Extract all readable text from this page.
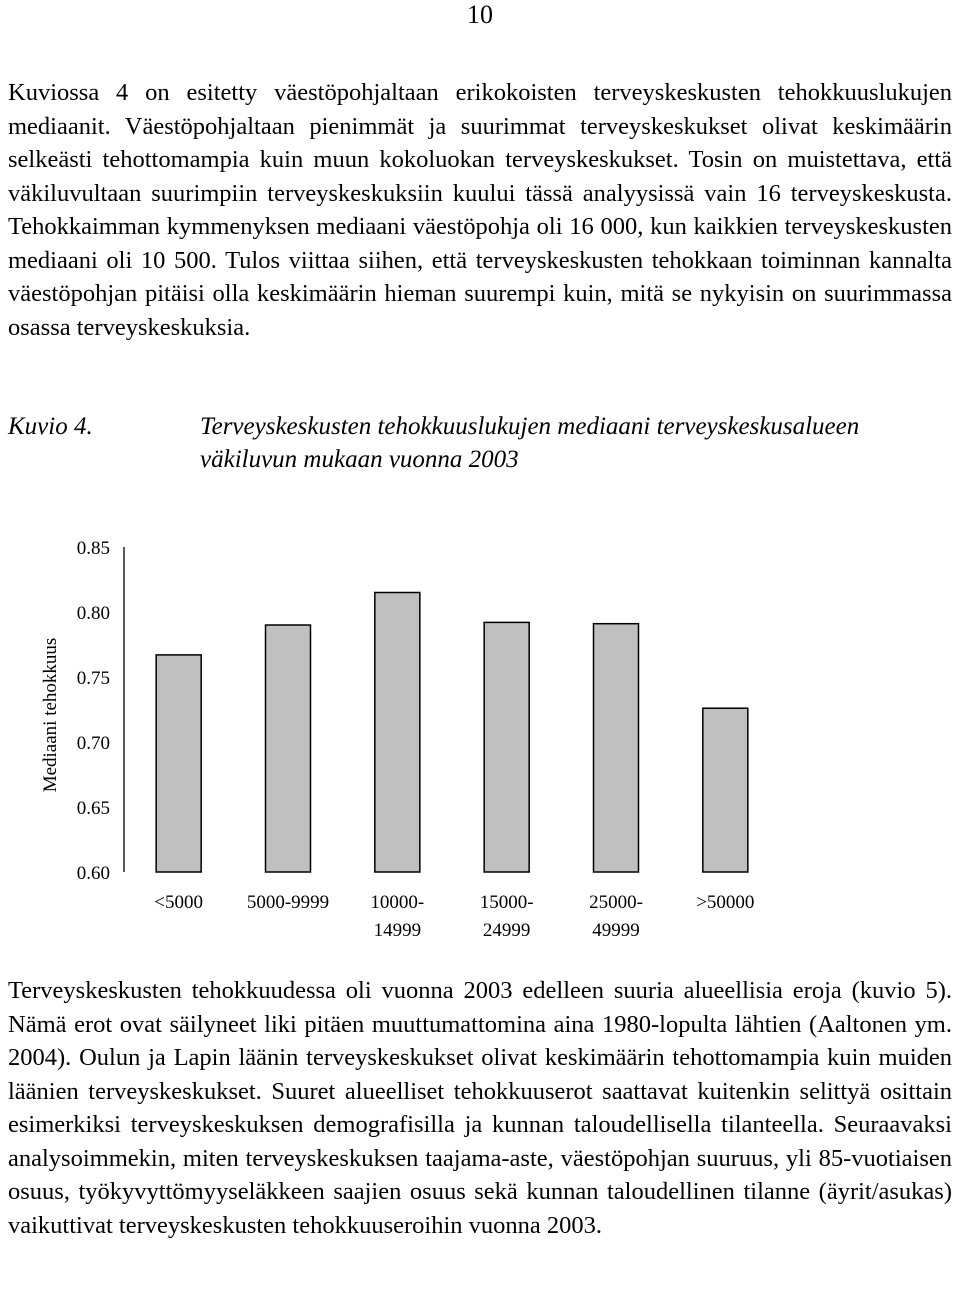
10

Kuviossa 4 on esitetty väestöpohjaltaan erikokoisten terveyskeskusten tehokkuuslukujen mediaanit. Väestöpohjaltaan pienimmät ja suurimmat terveyskeskukset olivat keskimäärin selkeästi tehottomampia kuin muun kokoluokan terveyskeskukset. Tosin on muistettava, että väkiluvultaan suurimpiin terveyskeskuksiin kuului tässä analyysissä vain 16 terveyskeskusta. Tehokkaimman kymmenyksen mediaani väestöpohja oli 16 000, kun kaikkien terveyskeskusten mediaani oli 10 500. Tulos viittaa siihen, että terveyskeskusten tehokkaan toiminnan kannalta väestöpohjan pitäisi olla keskimäärin hieman suurempi kuin, mitä se nykyisin on suurimmassa osassa terveyskeskuksia.

Kuvio 4.	Terveyskeskusten tehokkuuslukujen mediaani terveyskeskusalueen väkiluvun mukaan vuonna 2003
0.85
0.80
0.75
0.70
0.65
0.60
<5000 5000-9999 10000-
14999
15000-
24999
25000-
49999
>50000
Mediaani tehokkuus

Terveyskeskusten tehokkuudessa oli vuonna 2003 edelleen suuria alueellisia eroja (kuvio 5). Nämä erot ovat säilyneet liki pitäen muuttumattomina aina 1980-lopulta lähtien (Aaltonen ym. 2004). Oulun ja Lapin läänin terveyskeskukset olivat keskimäärin tehottomampia kuin muiden läänien terveyskeskukset. Suuret alueelliset tehokkuuserot saattavat kuitenkin selittyä osittain esimerkiksi terveyskeskuksen demografisilla ja kunnan taloudellisella tilanteella. Seuraavaksi analysoimmekin, miten terveyskeskuksen taajama-aste, väestöpohjan suuruus, yli 85-vuotiaisen osuus, työkyvyttömyyseläkkeen saajien osuus sekä kunnan taloudellinen tilanne (äyrit/asukas) vaikuttivat terveyskeskusten tehokkuuseroihin vuonna 2003.
